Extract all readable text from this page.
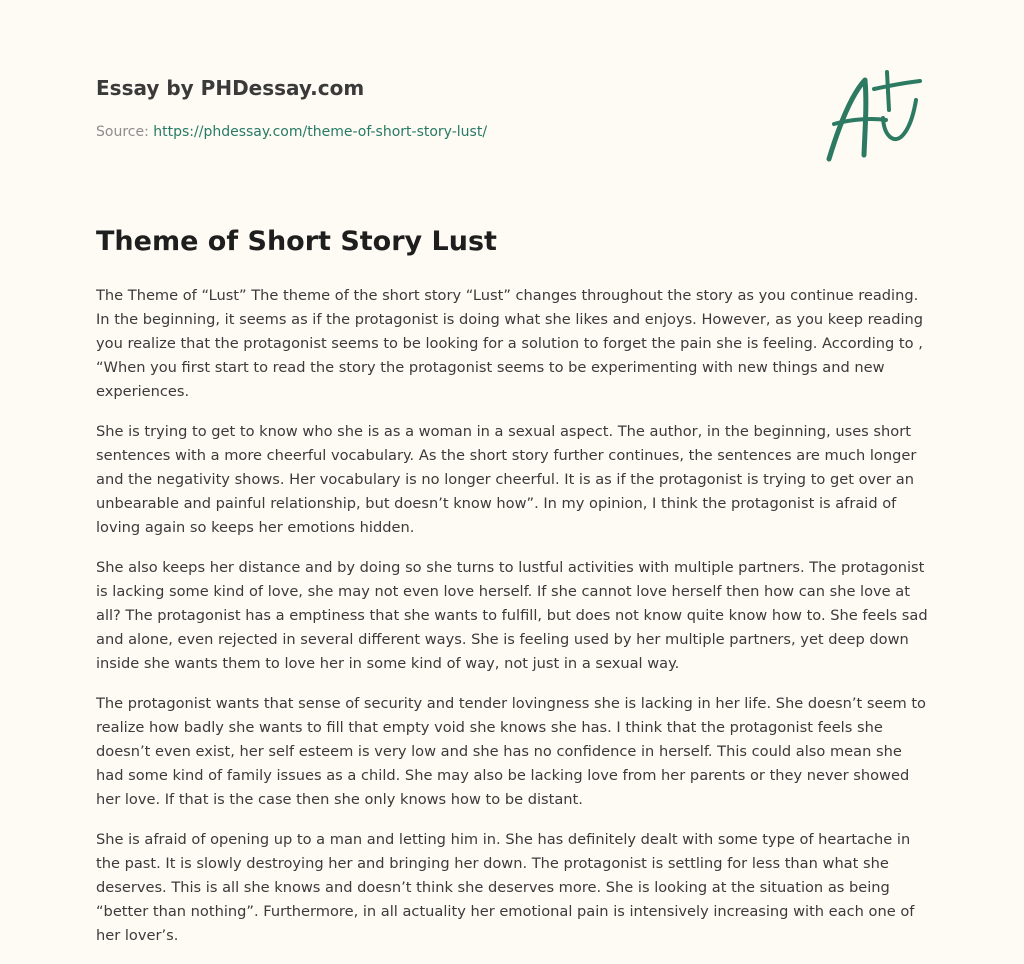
Essay by PHDessay.com
Source: https://phdessay.com/theme-of-short-story-lust/
Theme of Short Story Lust

The Theme of “Lust” The theme of the short story “Lust” changes throughout the story as you continue reading. In the beginning, it seems as if the protagonist is doing what she likes and enjoys. However, as you keep reading you realize that the protagonist seems to be looking for a solution to forget the pain she is feeling. According to , “When you first start to read the story the protagonist seems to be experimenting with new things and new experiences.

She is trying to get to know who she is as a woman in a sexual aspect. The author, in the beginning, uses short sentences with a more cheerful vocabulary. As the short story further continues, the sentences are much longer and the negativity shows. Her vocabulary is no longer cheerful. It is as if the protagonist is trying to get over an unbearable and painful relationship, but doesn’t know how”. In my opinion, I think the protagonist is afraid of loving again so keeps her emotions hidden.

She also keeps her distance and by doing so she turns to lustful activities with multiple partners. The protagonist is lacking some kind of love, she may not even love herself. If she cannot love herself then how can she love at all? The protagonist has a emptiness that she wants to fulfill, but does not know quite know how to. She feels sad and alone, even rejected in several different ways. She is feeling used by her multiple partners, yet deep down inside she wants them to love her in some kind of way, not just in a sexual way.

The protagonist wants that sense of security and tender lovingness she is lacking in her life. She doesn’t seem to realize how badly she wants to fill that empty void she knows she has. I think that the protagonist feels she doesn’t even exist, her self esteem is very low and she has no confidence in herself. This could also mean she had some kind of family issues as a child. She may also be lacking love from her parents or they never showed her love. If that is the case then she only knows how to be distant.

She is afraid of opening up to a man and letting him in. She has definitely dealt with some type of heartache in the past. It is slowly destroying her and bringing her down. The protagonist is settling for less than what she deserves. This is all she knows and doesn’t think she deserves more. She is looking at the situation as being “better than nothing”. Furthermore, in all actuality her emotional pain is intensively increasing with each one of her lover’s.
